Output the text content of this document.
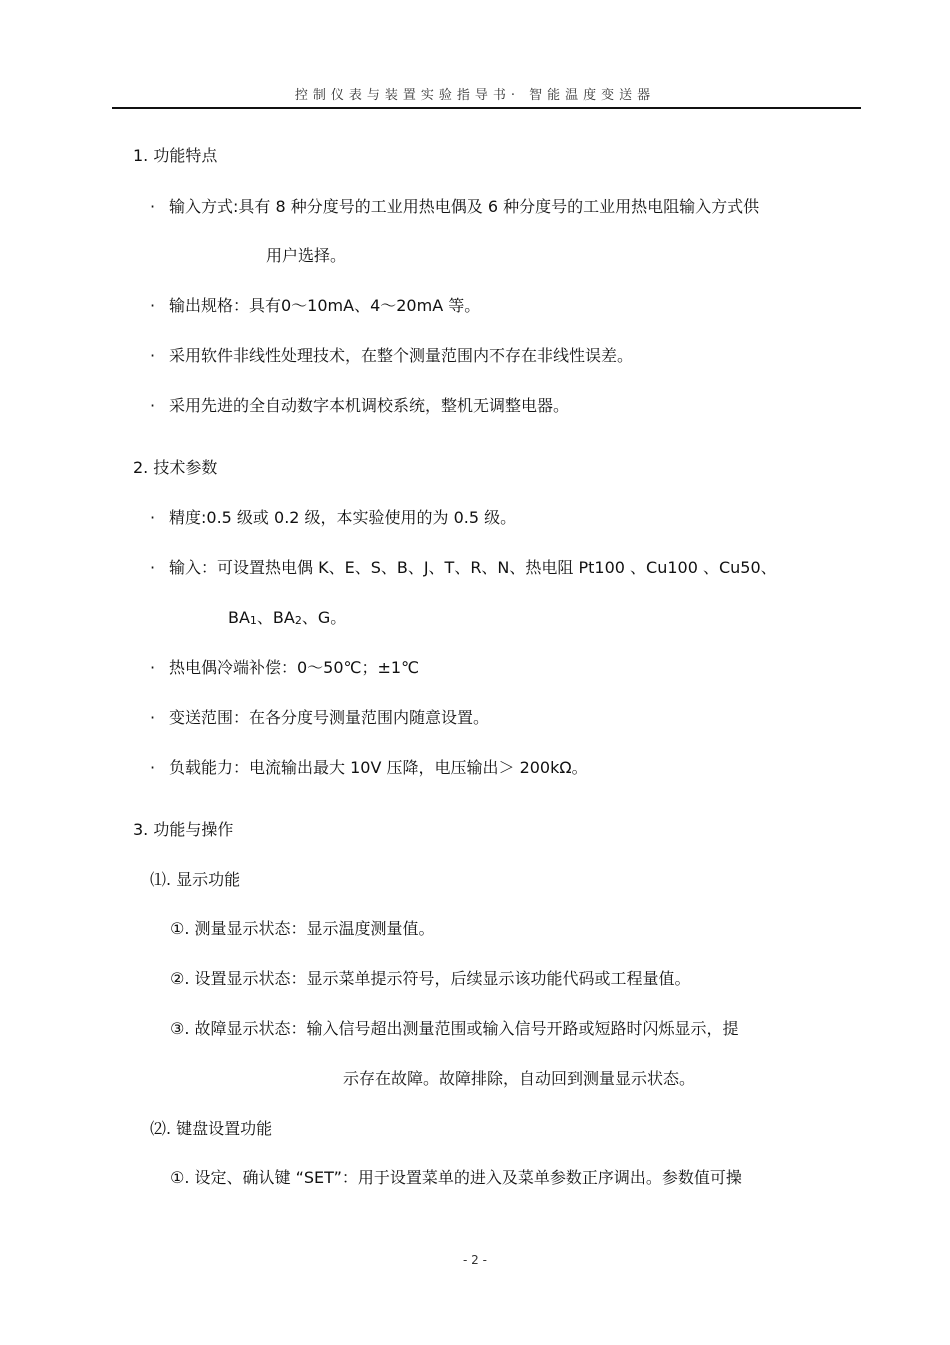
控制仪表与装置实验指导书· 智能温度变送器
1. 功能特点
· 输入方式:具有 8 种分度号的工业用热电偶及 6 种分度号的工业用热电阻输入方式供
用户选择。
· 输出规格：具有0～10mA、4～20mA 等。
· 采用软件非线性处理技术，在整个测量范围内不存在非线性误差。
· 采用先进的全自动数字本机调校系统，整机无调整电器。
2. 技术参数
· 精度:0.5 级或 0.2 级，本实验使用的为 0.5 级。
· 输入：可设置热电偶 K、E、S、B、J、T、R、N、热电阻 Pt100 、Cu100 、Cu50、
$BA_1$、$BA_2$、G。
· 热电偶冷端补偿：0～50℃；±1℃
· 变送范围：在各分度号测量范围内随意设置。
· 负载能力：电流输出最大 10V 压降，电压输出＞ 200kΩ。
3. 功能与操作
⑴. 显示功能
①. 测量显示状态：显示温度测量值。
②. 设置显示状态：显示菜单提示符号，后续显示该功能代码或工程量值。
③. 故障显示状态：输入信号超出测量范围或输入信号开路或短路时闪烁显示，提
示存在故障。故障排除，自动回到测量显示状态。
⑵. 键盘设置功能
①. 设定、确认键 “SET”：用于设置菜单的进入及菜单参数正序调出。参数值可操
- 2 -
